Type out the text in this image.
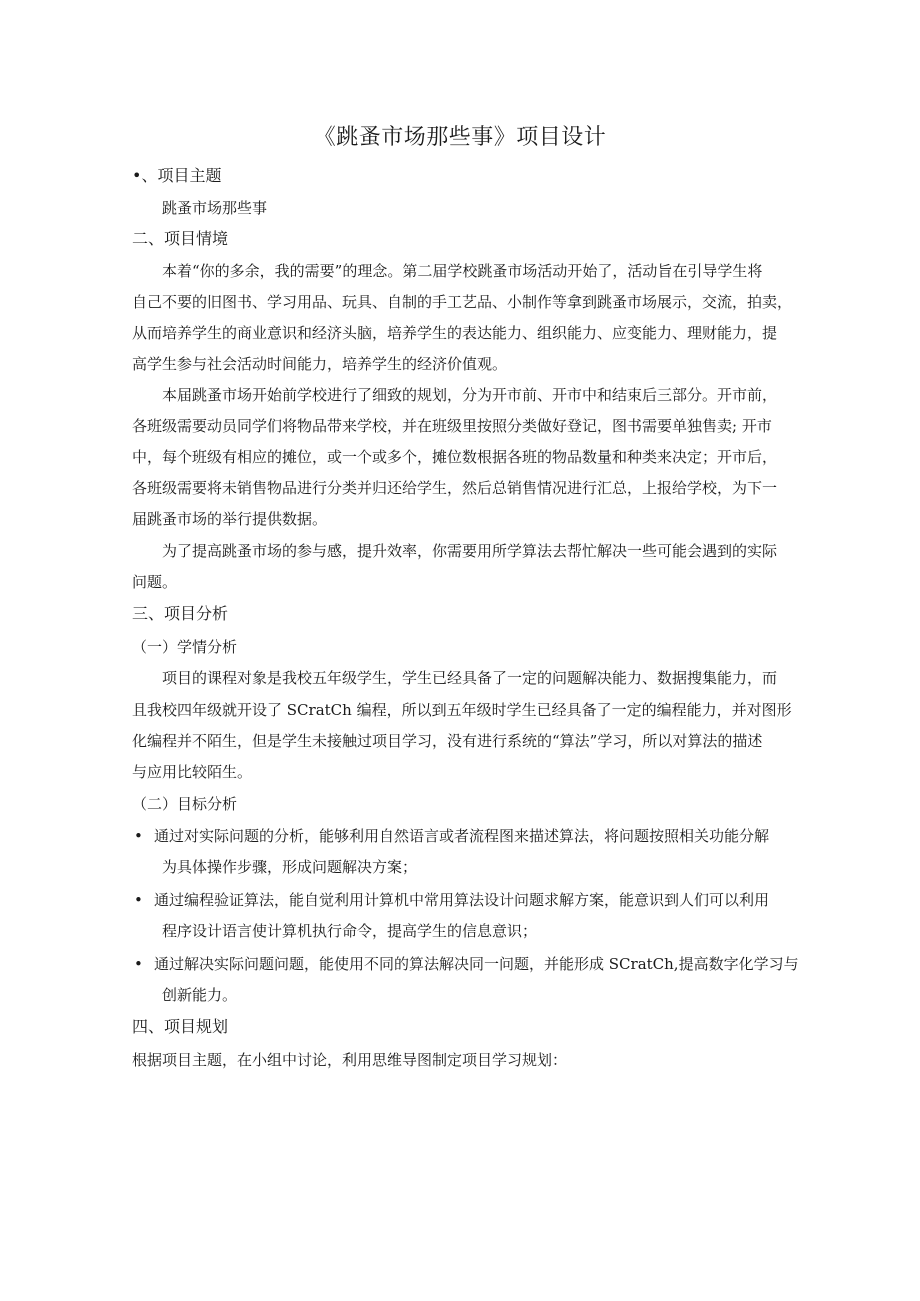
《跳蚤市场那些事》项目设计
•、项目主题
跳蚤市场那些事
二、项目情境
本着“你的多余，我的需要”的理念。第二届学校跳蚤市场活动开始了，活动旨在引导学生将
自己不要的旧图书、学习用品、玩具、自制的手工艺品、小制作等拿到跳蚤市场展示，交流，拍卖，
从而培养学生的商业意识和经济头脑，培养学生的表达能力、组织能力、应变能力、理财能力，提
高学生参与社会活动时间能力，培养学生的经济价值观。
本届跳蚤市场开始前学校进行了细致的规划，分为开市前、开市中和结束后三部分。开市前，
各班级需要动员同学们将物品带来学校，并在班级里按照分类做好登记，图书需要单独售卖; 开市
中，每个班级有相应的摊位，或一个或多个，摊位数根据各班的物品数量和种类来决定；开市后，
各班级需要将未销售物品进行分类并归还给学生，然后总销售情况进行汇总，上报给学校，为下一
届跳蚤市场的举行提供数据。
为了提高跳蚤市场的参与感，提升效率，你需要用所学算法去帮忙解决一些可能会遇到的实际
问题。
三、项目分析
（一）学情分析
项目的课程对象是我校五年级学生，学生已经具备了一定的问题解决能力、数据搜集能力，而
且我校四年级就开设了 SCratCh 编程，所以到五年级时学生已经具备了一定的编程能力，并对图形
化编程并不陌生，但是学生未接触过项目学习，没有进行系统的“算法”学习，所以对算法的描述
与应用比较陌生。
（二）目标分析
• 通过对实际问题的分析，能够利用自然语言或者流程图来描述算法，将问题按照相关功能分解
为具体操作步骤，形成问题解决方案；
• 通过编程验证算法，能自觉利用计算机中常用算法设计问题求解方案，能意识到人们可以利用
程序设计语言使计算机执行命令，提高学生的信息意识；
• 通过解决实际问题问题，能使用不同的算法解决同一问题，并能形成 SCratCh,提高数字化学习与
创新能力。
四、项目规划
根据项目主题，在小组中讨论，利用思维导图制定项目学习规划：
